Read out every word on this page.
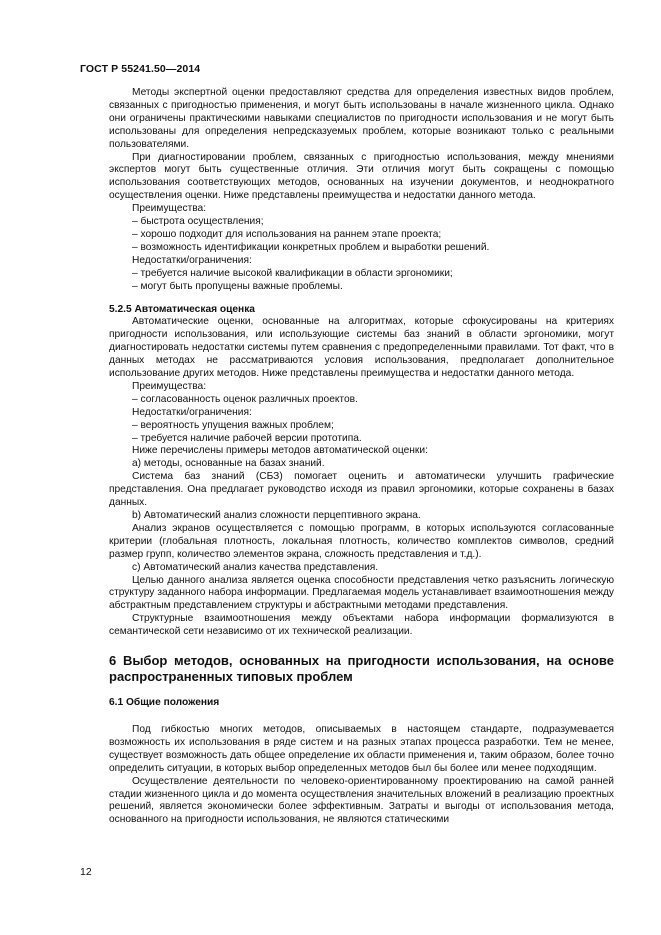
ГОСТ Р 55241.50—2014

Методы экспертной оценки предоставляют средства для определения известных видов проблем, связанных с пригодностью применения, и могут быть использованы в начале жизненного цикла. Однако они ограничены практическими навыками специалистов по пригодности использования и не могут быть использованы для определения непредсказуемых проблем, которые возникают только с реальными пользователями.

При диагностировании проблем, связанных с пригодностью использования, между мнениями экспертов могут быть существенные отличия. Эти отличия могут быть сокращены с помощью использования соответствующих методов, основанных на изучении документов, и неоднократного осуществления оценки. Ниже представлены преимущества и недостатки данного метода.

Преимущества:

– быстрота осуществления;

– хорошо подходит для использования на раннем этапе проекта;

– возможность идентификации конкретных проблем и выработки решений.

Недостатки/ограничения:

– требуется наличие высокой квалификации в области эргономики;

– могут быть пропущены важные проблемы.

5.2.5 Автоматическая оценка

Автоматические оценки, основанные на алгоритмах, которые сфокусированы на критериях пригодности использования, или использующие системы баз знаний в области эргономики, могут диагностировать недостатки системы путем сравнения с предопределенными правилами. Тот факт, что в данных методах не рассматриваются условия использования, предполагает дополнительное использование других методов. Ниже представлены преимущества и недостатки данного метода.

Преимущества:

– согласованность оценок различных проектов.

Недостатки/ограничения:

– вероятность упущения важных проблем;

– требуется наличие рабочей версии прототипа.

Ниже перечислены примеры методов автоматической оценки:

a) методы, основанные на базах знаний.

Система баз знаний (СБЗ) помогает оценить и автоматически улучшить графические представления. Она предлагает руководство исходя из правил эргономики, которые сохранены в базах данных.

b) Автоматический анализ сложности перцептивного экрана.

Анализ экранов осуществляется с помощью программ, в которых используются согласованные критерии (глобальная плотность, локальная плотность, количество комплектов символов, средний размер групп, количество элементов экрана, сложность представления и т.д.).

c) Автоматический анализ качества представления.

Целью данного анализа является оценка способности представления четко разъяснить логическую структуру заданного набора информации. Предлагаемая модель устанавливает взаимоотношения между абстрактным представлением структуры и абстрактными методами представления.

Структурные взаимоотношения между объектами набора информации формализуются в семантической сети независимо от их технической реализации.

6 Выбор методов, основанных на пригодности использования, на основе распространенных типовых проблем

6.1 Общие положения

Под гибкостью многих методов, описываемых в настоящем стандарте, подразумевается возможность их использования в ряде систем и на разных этапах процесса разработки. Тем не менее, существует возможность дать общее определение их области применения и, таким образом, более точно определить ситуации, в которых выбор определенных методов был бы более или менее подходящим.

Осуществление деятельности по человеко-ориентированному проектированию на самой ранней стадии жизненного цикла и до момента осуществления значительных вложений в реализацию проектных решений, является экономически более эффективным. Затраты и выгоды от использования метода, основанного на пригодности использования, не являются статическими

12
